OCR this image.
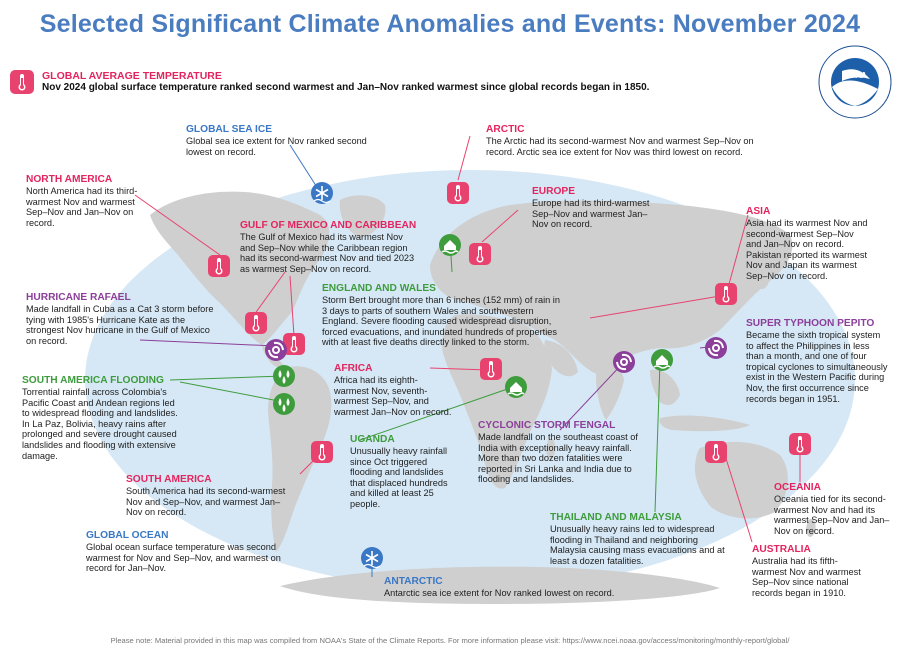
Selected Significant Climate Anomalies and Events: November 2024
GLOBAL AVERAGE TEMPERATURE
Nov 2024 global surface temperature ranked second warmest and Jan–Nov ranked warmest since global records began in 1850.
NOAA
GLOBAL SEA ICE
Global sea ice extent for Nov ranked second lowest on record.
ARCTIC
The Arctic had its second-warmest Nov and warmest Sep–Nov on record. Arctic sea ice extent for Nov was third lowest on record.
NORTH AMERICA
North America had its third-warmest Nov and warmest Sep–Nov and Jan–Nov on record.
EUROPE
Europe had its third-warmest Sep–Nov and warmest Jan–Nov on record.
GULF OF MEXICO AND CARIBBEAN
The Gulf of Mexico had its warmest Nov and Sep–Nov while the Caribbean region had its second-warmest Nov and tied 2023 as warmest Sep–Nov on record.
ASIA
Asia had its warmest Nov and second-warmest Sep–Nov and Jan–Nov on record. Pakistan reported its warmest Nov and Japan its warmest Sep–Nov on record.
ENGLAND AND WALES
Storm Bert brought more than 6 inches (152 mm) of rain in 3 days to parts of southern Wales and southwestern England. Severe flooding caused widespread disruption, forced evacuations, and inundated hundreds of properties with at least five deaths directly linked to the storm.
HURRICANE RAFAEL
Made landfall in Cuba as a Cat 3 storm before tying with 1985's Hurricane Kate as the strongest Nov hurricane in the Gulf of Mexico on record.
SUPER TYPHOON PEPITO
Became the sixth tropical system to affect the Philippines in less than a month, and one of four tropical cyclones to simultaneously exist in the Western Pacific during Nov, the first occurrence since records began in 1951.
SOUTH AMERICA FLOODING
Torrential rainfall across Colombia's Pacific Coast and Andean regions led to widespread flooding and landslides. In La Paz, Bolivia, heavy rains after prolonged and severe drought caused landslides and flooding with extensive damage.
AFRICA
Africa had its eighth-warmest Nov, seventh-warmest Sep–Nov, and warmest Jan–Nov on record.
UGANDA
Unusually heavy rainfall since Oct triggered flooding and landslides that displaced hundreds and killed at least 25 people.
CYCLONIC STORM FENGAL
Made landfall on the southeast coast of India with exceptionally heavy rainfall. More than two dozen fatalities were reported in Sri Lanka and India due to flooding and landslides.
SOUTH AMERICA
South America had its second-warmest Nov and Sep–Nov, and warmest Jan–Nov on record.
OCEANIA
Oceania tied for its second-warmest Nov and had its warmest Sep–Nov and Jan–Nov on record.
GLOBAL OCEAN
Global ocean surface temperature was second warmest for Nov and Sep–Nov, and warmest on record for Jan–Nov.
THAILAND AND MALAYSIA
Unusually heavy rains led to widespread flooding in Thailand and neighboring Malaysia causing mass evacuations and at least a dozen fatalities.
AUSTRALIA
Australia had its fifth-warmest Nov and warmest Sep–Nov since national records began in 1910.
ANTARCTIC
Antarctic sea ice extent for Nov ranked lowest on record.
Please note: Material provided in this map was compiled from NOAA's State of the Climate Reports. For more information please visit: https://www.ncei.noaa.gov/access/monitoring/monthly-report/global/
